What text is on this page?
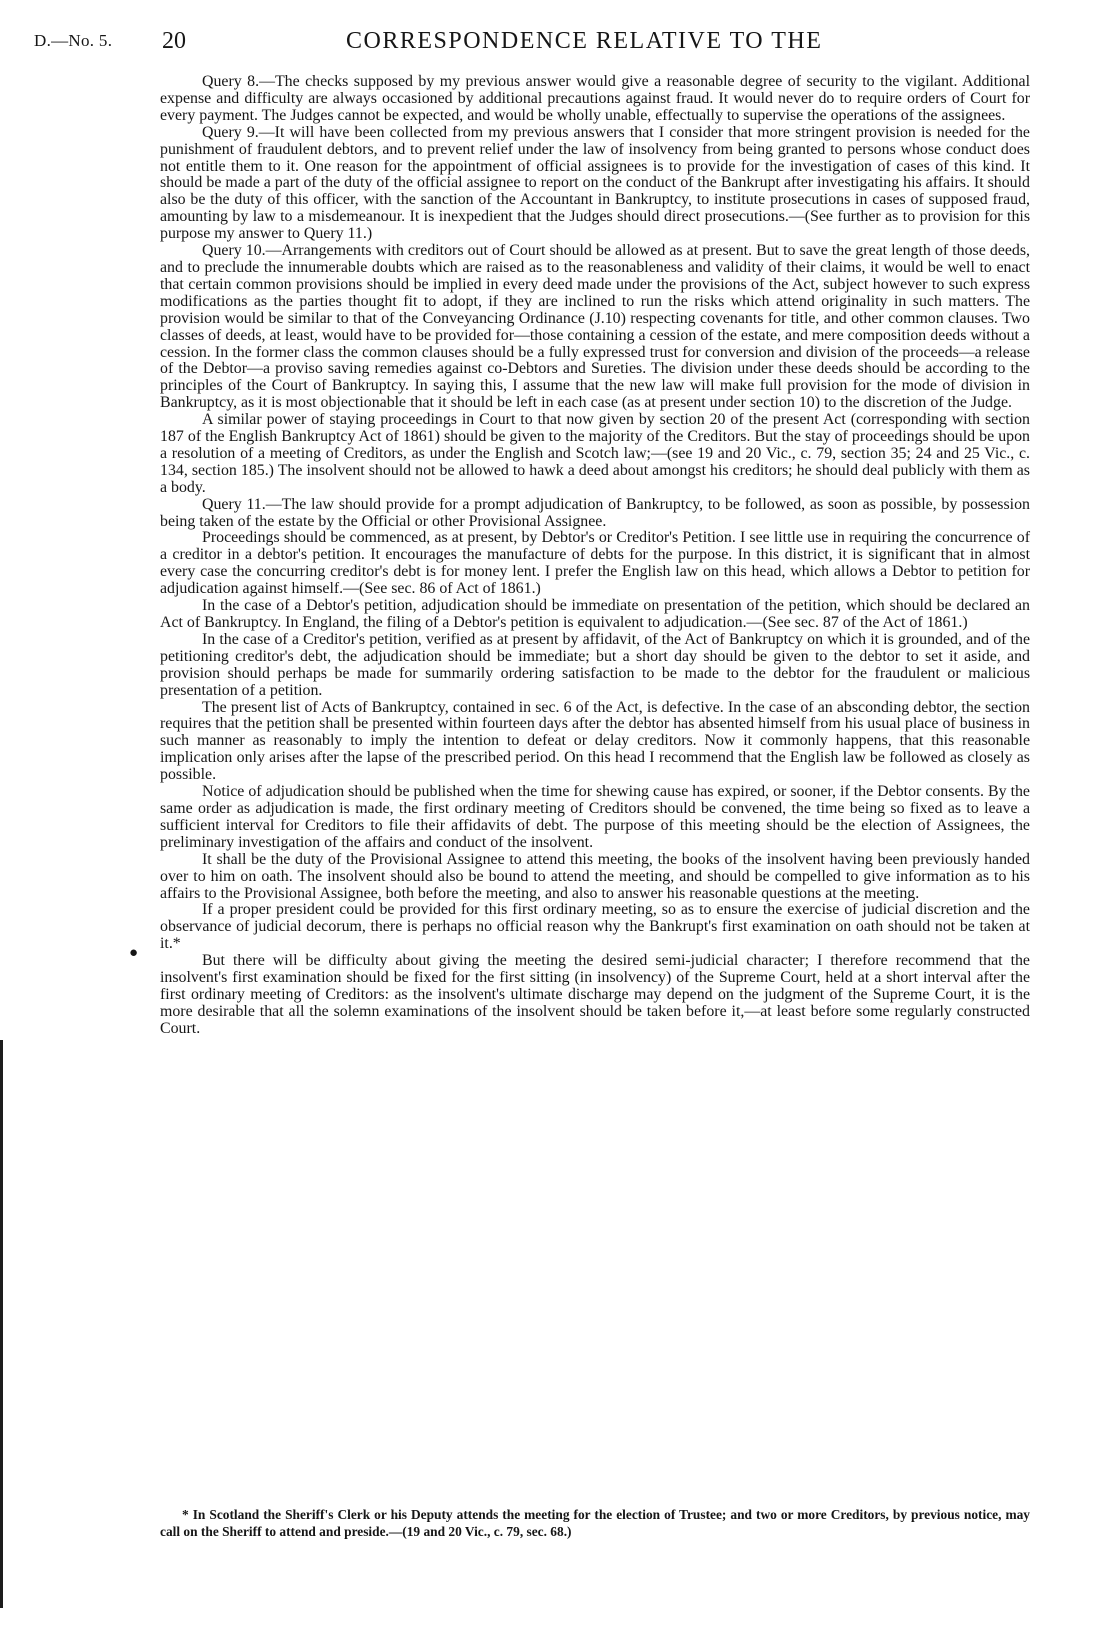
D.—No. 5. 20	CORRESPONDENCE RELATIVE TO THE
●

Query 8.—The checks supposed by my previous answer would give a reasonable degree of security to the vigilant. Additional expense and difficulty are always occasioned by additional precautions against fraud. It would never do to require orders of Court for every payment. The Judges cannot be expected, and would be wholly unable, effectually to supervise the operations of the assignees.

Query 9.—It will have been collected from my previous answers that I consider that more stringent provision is needed for the punishment of fraudulent debtors, and to prevent relief under the law of insolvency from being granted to persons whose conduct does not entitle them to it. One reason for the appointment of official assignees is to provide for the investigation of cases of this kind. It should be made a part of the duty of the official assignee to report on the conduct of the Bankrupt after investigating his affairs. It should also be the duty of this officer, with the sanction of the Accountant in Bankruptcy, to institute prosecutions in cases of supposed fraud, amounting by law to a misdemeanour. It is inexpedient that the Judges should direct prosecutions.—(See further as to provision for this purpose my answer to Query 11.)

Query 10.—Arrangements with creditors out of Court should be allowed as at present. But to save the great length of those deeds, and to preclude the innumerable doubts which are raised as to the reasonableness and validity of their claims, it would be well to enact that certain common provisions should be implied in every deed made under the provisions of the Act, subject however to such express modifications as the parties thought fit to adopt, if they are inclined to run the risks which attend originality in such matters. The provision would be similar to that of the Conveyancing Ordinance (J.10) respecting covenants for title, and other common clauses. Two classes of deeds, at least, would have to be provided for—those containing a cession of the estate, and mere composition deeds without a cession. In the former class the common clauses should be a fully expressed trust for conversion and division of the proceeds—a release of the Debtor—a proviso saving remedies against co-Debtors and Sureties. The division under these deeds should be according to the principles of the Court of Bankruptcy. In saying this, I assume that the new law will make full provision for the mode of division in Bankruptcy, as it is most objectionable that it should be left in each case (as at present under section 10) to the discretion of the Judge.

A similar power of staying proceedings in Court to that now given by section 20 of the present Act (corresponding with section 187 of the English Bankruptcy Act of 1861) should be given to the majority of the Creditors. But the stay of proceedings should be upon a resolution of a meeting of Creditors, as under the English and Scotch law;—(see 19 and 20 Vic., c. 79, section 35; 24 and 25 Vic., c. 134, section 185.) The insolvent should not be allowed to hawk a deed about amongst his creditors; he should deal publicly with them as a body.

Query 11.—The law should provide for a prompt adjudication of Bankruptcy, to be followed, as soon as possible, by possession being taken of the estate by the Official or other Provisional Assignee.

Proceedings should be commenced, as at present, by Debtor's or Creditor's Petition. I see little use in requiring the concurrence of a creditor in a debtor's petition. It encourages the manufacture of debts for the purpose. In this district, it is significant that in almost every case the concurring creditor's debt is for money lent. I prefer the English law on this head, which allows a Debtor to petition for adjudication against himself.—(See sec. 86 of Act of 1861.)

In the case of a Debtor's petition, adjudication should be immediate on presentation of the petition, which should be declared an Act of Bankruptcy. In England, the filing of a Debtor's petition is equivalent to adjudication.—(See sec. 87 of the Act of 1861.)

In the case of a Creditor's petition, verified as at present by affidavit, of the Act of Bankruptcy on which it is grounded, and of the petitioning creditor's debt, the adjudication should be immediate; but a short day should be given to the debtor to set it aside, and provision should perhaps be made for summarily ordering satisfaction to be made to the debtor for the fraudulent or malicious presentation of a petition.

The present list of Acts of Bankruptcy, contained in sec. 6 of the Act, is defective. In the case of an absconding debtor, the section requires that the petition shall be presented within fourteen days after the debtor has absented himself from his usual place of business in such manner as reasonably to imply the intention to defeat or delay creditors. Now it commonly happens, that this reasonable implication only arises after the lapse of the prescribed period. On this head I recommend that the English law be followed as closely as possible.

Notice of adjudication should be published when the time for shewing cause has expired, or sooner, if the Debtor consents. By the same order as adjudication is made, the first ordinary meeting of Creditors should be convened, the time being so fixed as to leave a sufficient interval for Creditors to file their affidavits of debt. The purpose of this meeting should be the election of Assignees, the preliminary investigation of the affairs and conduct of the insolvent.

It shall be the duty of the Provisional Assignee to attend this meeting, the books of the insolvent having been previously handed over to him on oath. The insolvent should also be bound to attend the meeting, and should be compelled to give information as to his affairs to the Provisional Assignee, both before the meeting, and also to answer his reasonable questions at the meeting.

If a proper president could be provided for this first ordinary meeting, so as to ensure the exercise of judicial discretion and the observance of judicial decorum, there is perhaps no official reason why the Bankrupt's first examination on oath should not be taken at it.*

But there will be difficulty about giving the meeting the desired semi-judicial character; I therefore recommend that the insolvent's first examination should be fixed for the first sitting (in insolvency) of the Supreme Court, held at a short interval after the first ordinary meeting of Creditors: as the insolvent's ultimate discharge may depend on the judgment of the Supreme Court, it is the more desirable that all the solemn examinations of the insolvent should be taken before it,—at least before some regularly constructed Court.

* In Scotland the Sheriff's Clerk or his Deputy attends the meeting for the election of Trustee; and two or more Creditors, by previous notice, may call on the Sheriff to attend and preside.—(19 and 20 Vic., c. 79, sec. 68.)
